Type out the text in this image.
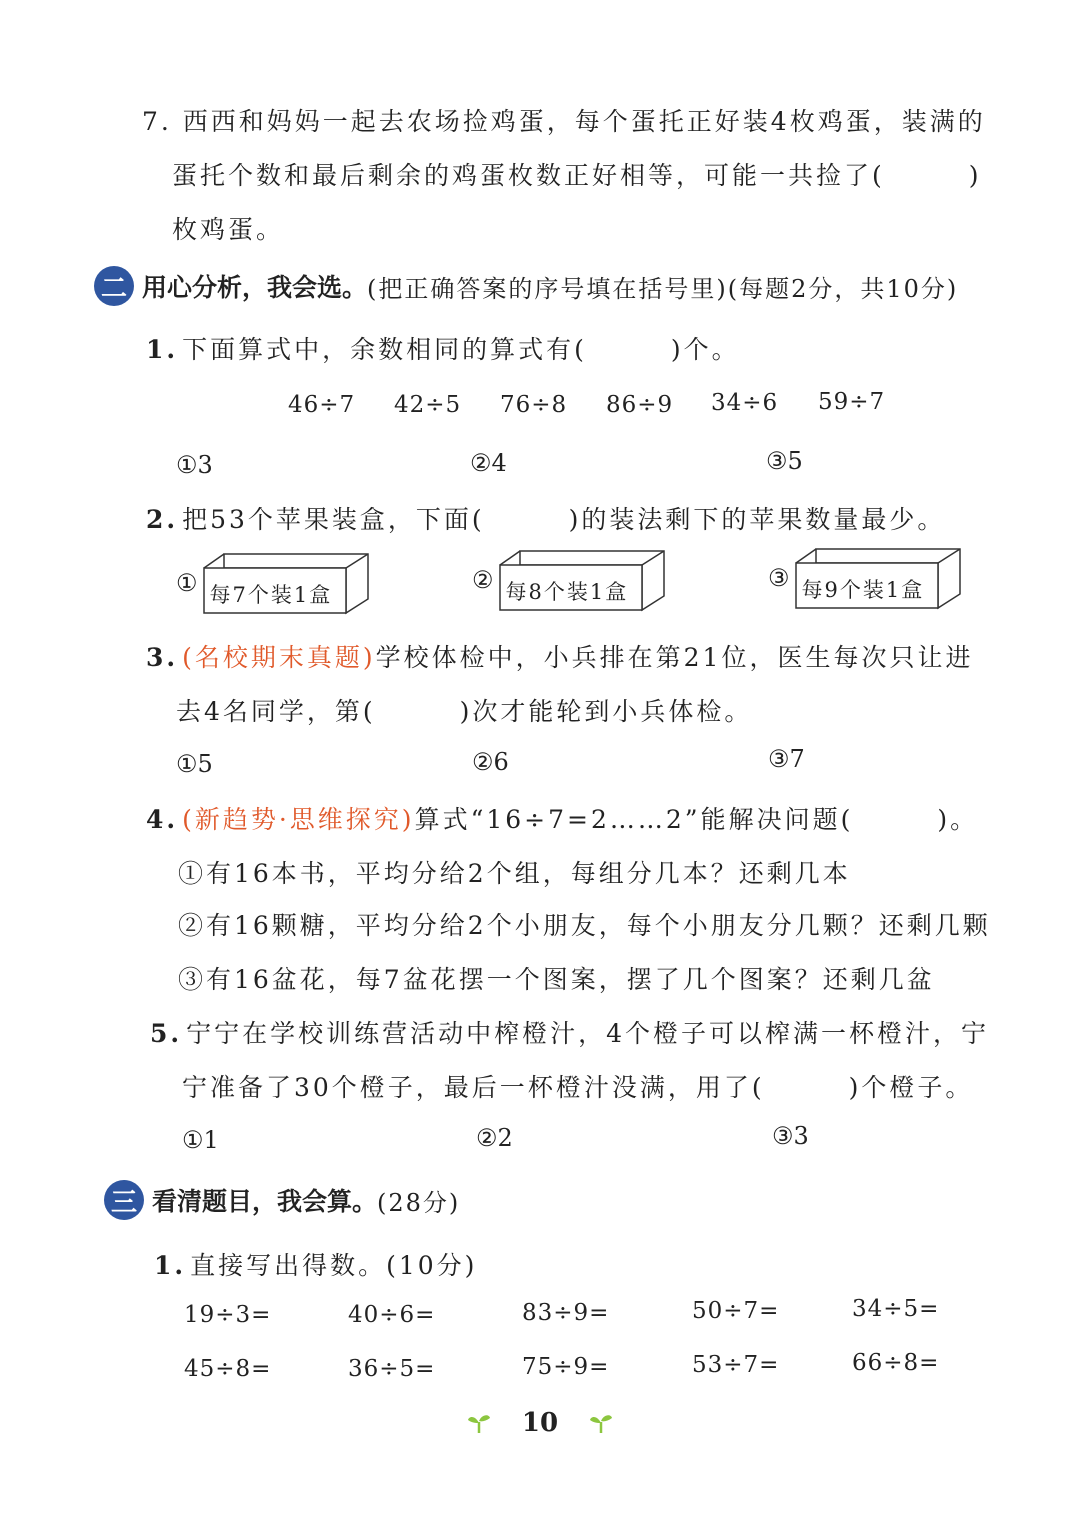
7. 西西和妈妈一起去农场捡鸡蛋，每个蛋托正好装4枚鸡蛋，装满的
蛋托个数和最后剩余的鸡蛋枚数正好相等，可能一共捡了(　　　)
枚鸡蛋。
二 用心分析，我会选。 (把正确答案的序号填在括号里)(每题2分，共10分)
1. 下面算式中，余数相同的算式有(　　　)个。
46÷7 42÷5 76÷8 86÷9 34÷6 59÷7
①3	②4	③5
2. 把53个苹果装盒，下面(　　　)的装法剩下的苹果数量最少。
① 每7个装1盒
② 每8个装1盒	③ 每9个装1盒
3. (名校期末真题)学校体检中，小兵排在第21位，医生每次只让进
去4名同学，第(　　　)次才能轮到小兵体检。
①5	②6	③7
4. (新趋势·思维探究)算式“16÷7=2……2”能解决问题(　　　)。
①有16本书，平均分给2个组，每组分几本？还剩几本
②有16颗糖，平均分给2个小朋友，每个小朋友分几颗？还剩几颗
③有16盆花，每7盆花摆一个图案，摆了几个图案？还剩几盆
5. 宁宁在学校训练营活动中榨橙汁，4个橙子可以榨满一杯橙汁，宁
宁准备了30个橙子，最后一杯橙汁没满，用了(　　　)个橙子。
①1	②2	③3
三 看清题目，我会算。 (28分)
1. 直接写出得数。(10分)
19÷3=	40÷6=	83÷9=	50÷7=	34÷5=
45÷8=	36÷5=	75÷9=	53÷7=	66÷8=
10
